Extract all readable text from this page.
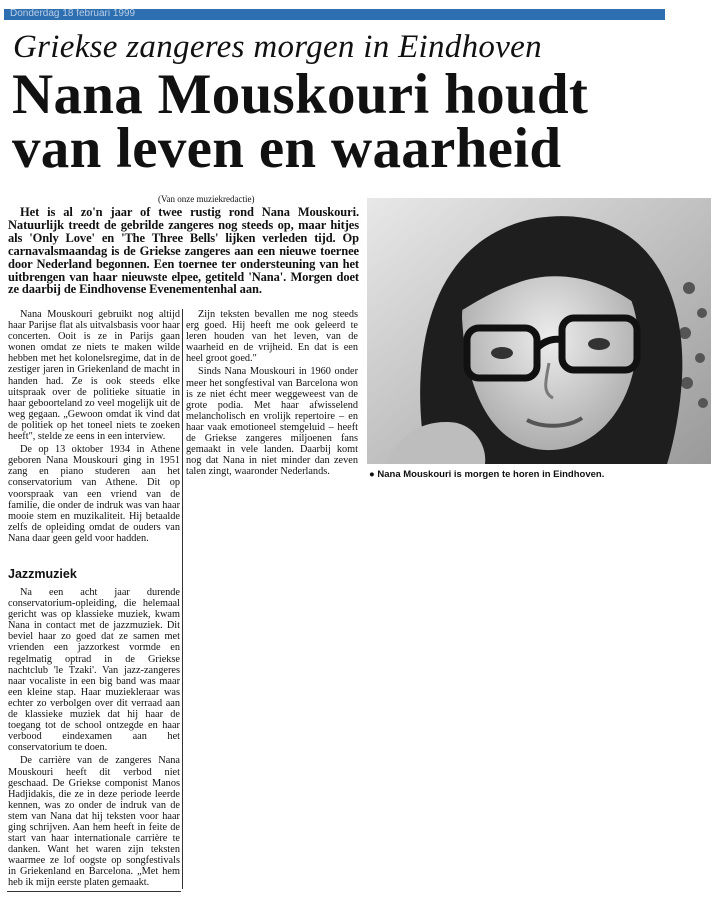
Donderdag 18 februari 1999
Griekse zangeres morgen in Eindhoven
Nana Mouskouri houdt
van leven en waarheid
(Van onze muziekredactie)

Het is al zo'n jaar of twee rustig rond Nana Mouskouri. Natuurlijk treedt de gebrilde zangeres nog steeds op, maar hitjes als 'Only Love' en 'The Three Bells' lijken verleden tijd. Op carnavalsmaandag is de Griekse zangeres aan een nieuwe toernee door Nederland begonnen. Een toernee ter ondersteuning van het uitbrengen van haar nieuwste elpee, getiteld 'Nana'. Morgen doet ze daarbij de Eindhovense Evenementenhal aan.

Nana Mouskouri gebruikt nog altijd haar Parijse flat als uitvalsbasis voor haar concerten. Ooit is ze in Parijs gaan wonen omdat ze niets te maken wilde hebben met het kolonelsregime, dat in de zestiger jaren in Griekenland de macht in handen had. Ze is ook steeds elke uitspraak over de politieke situatie in haar geboorteland zo veel mogelijk uit de weg gegaan. „Gewoon omdat ik vind dat de politiek op het toneel niets te zoeken heeft", stelde ze eens in een interview.

De op 13 oktober 1934 in Athene geboren Nana Mouskouri ging in 1951 zang en piano studeren aan het conservatorium van Athene. Dit op voorspraak van een vriend van de familie, die onder de indruk was van haar mooie stem en muzikaliteit. Hij betaalde zelfs de opleiding omdat de ouders van Nana daar geen geld voor hadden.

Jazzmuziek

Na een acht jaar durende conservatorium-opleiding, die helemaal gericht was op klassieke muziek, kwam Nana in contact met de jazzmuziek. Dit beviel haar zo goed dat ze samen met vrienden een jazzorkest vormde en regelmatig optrad in de Griekse nachtclub 'le Tzaki'. Van jazz-zangeres naar vocaliste in een big band was maar een kleine stap. Haar muziekleraar was echter zo verbolgen over dit verraad aan de klassieke muziek dat hij haar de toegang tot de school ontzegde en haar verbood eindexamen aan het conservatorium te doen.

De carrière van de zangeres Nana Mouskouri heeft dit verbod niet geschaad. De Griekse componist Manos Hadjidakis, die ze in deze periode leerde kennen, was zo onder de indruk van de stem van Nana dat hij teksten voor haar ging schrijven. Aan hem heeft in feite de start van haar internationale carrière te danken. Want het waren zijn teksten waarmee ze lof oogste op songfestivals in Griekenland en Barcelona. „Met hem heb ik mijn eerste platen gemaakt.

Zijn teksten bevallen me nog steeds erg goed. Hij heeft me ook geleerd te leren houden van het leven, van de waarheid en de vrijheid. En dat is een heel groot goed."

Sinds Nana Mouskouri in 1960 onder meer het songfestival van Barcelona won is ze niet écht meer weggeweest van de grote podia. Met haar afwisselend melancholisch en vrolijk repertoire – en haar vaak emotioneel stemgeluid – heeft de Griekse zangeres miljoenen fans gemaakt in vele landen. Daarbij komt nog dat Nana in niet minder dan zeven talen zingt, waaronder Nederlands.	● Nana Mouskouri is morgen te horen in Eindhoven.
